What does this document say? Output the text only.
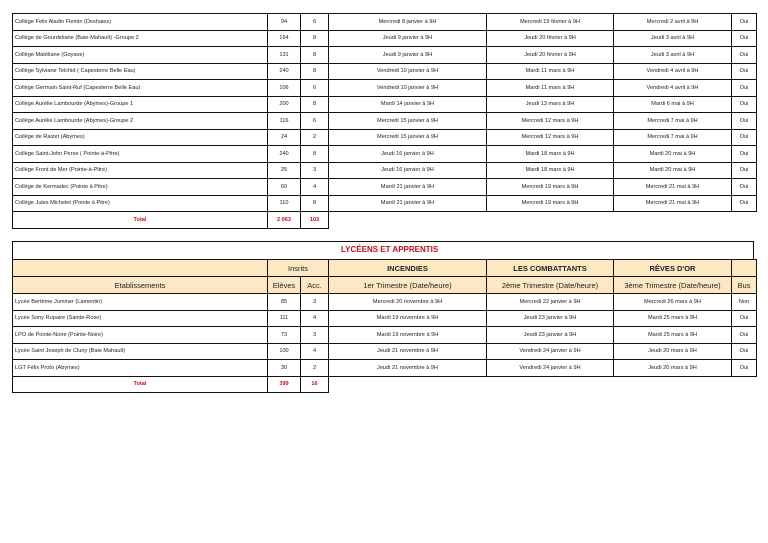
Collège Felix Aladin Flemin (Deshaies)	94	6	Mercredi 8 janvier à 9H	Mercredi 19 février à 9H	Mercredi 2 avril à 9H	Oui
Collège de Gourdeliane (Baie-Mahault) -Groupe 2	164	8	Jeudi 9 janvier à 9H	Jeudi 20 février à 9H	Jeudi 3 avril à 9H	Oui
Collège Matéliane (Goyave)	131	8	Jeudi 9 janvier à 9H	Jeudi 20 février à 9H	Jeudi 3 avril à 9H	Oui
Collège Sylviane Telchid ( Capesterre Belle Eau)	240	8	Vendredi 10 janvier à 9H	Mardi 11 mars à 9H	Vendredi 4 avril à 9H	Oui
Collège Germain Saint-Ruf (Capesterre Belle Eau)	106	6	Vendredi 10 janvier à 9H	Mardi 11 mars à 9H	Vendredi 4 avril à 9H	Oui
Collège Aurélie Lambourde (Abymes)-Groupe 1	200	8	Mardi 14 janvier à 9H	Jeudi 13 mars à 9H	Mardi 6 mai à 9H	Oui
Collège Aurélie Lambourde (Abymes)-Groupe 2	116	6	Mercredi 15 janvier à 9H	Mercredi 12 mars à 9H	Mercredi 7 mai à 9H	Oui
Collège de Raizet (Abymes)	24	2	Mercredi 15 janvier à 9H	Mercredi 12 mars à 9H	Mercredi 7 mai à 9H	Oui
Collège Saint-John Perse ( Pointe-à-Pitre)	240	8	Jeudi 16 janvier à 9H	Mardi 18 mars à 9H	Mardi 20 mai à 9H	Oui
Collège Front de Mer (Pointe-à-Pitre)	25	3	Jeudi 16 janvier à 9H	Mardi 18 mars à 9H	Mardi 20 mai à 9H	Oui
Collège de Kermadec (Pointe à Pitre)	60	4	Mardi 21 janvier à 9H	Mercredi 19 mars à 9H	Mercredi 21 mai à 9H	Oui
Collège Jules Michelet (Pointe à Pitre)	110	8	Mardi 21 janvier à 9H	Mercredi 19 mars à 9H	Mercredi 21 mai à 9H	Oui
Total	2 063	103				
LYCÉENS ET APPRENTIS
	Insrits		INCENDIES	LES COMBATTANTS	RÊVES D'OR	
Etablissements	Elèves	Acc.	1er Trimestre (Date/heure)	2ème Trimestre (Date/heure)	3ème Trimestre (Date/heure)	Bus
Lycée Bertème Juminer (Lamentin)	85	3	Mercredi 20 novembre à 9H	Mercredi 22 janvier à 9H	Mercredi 26 mars à 9H	Non
Lycée Sony Rupaire (Sainte-Rose)	111	4	Mardi 19 novembre à 9H	Jeudi 23 janvier à 9H	Mardi 25 mars à 9H	Oui
LPO de Pointe-Noire (Pointe-Noire)	73	3	Mardi 19 novembre à 9H	Jeudi 23 janvier à 9H	Mardi 25 mars à 9H	Oui
Lycée Saint Joseph de Cluny (Baie Mahault)	100	4	Jeudi 21 novembre à 9H	Vendredi 24 janvier à 9H	Jeudi 20 mars à 9H	Oui
LGT Félix Proto (Abymes)	30	2	Jeudi 21 novembre à 9H	Vendredi 24 janvier à 9H	Jeudi 20 mars à 9H	Oui
Total	399	16				
